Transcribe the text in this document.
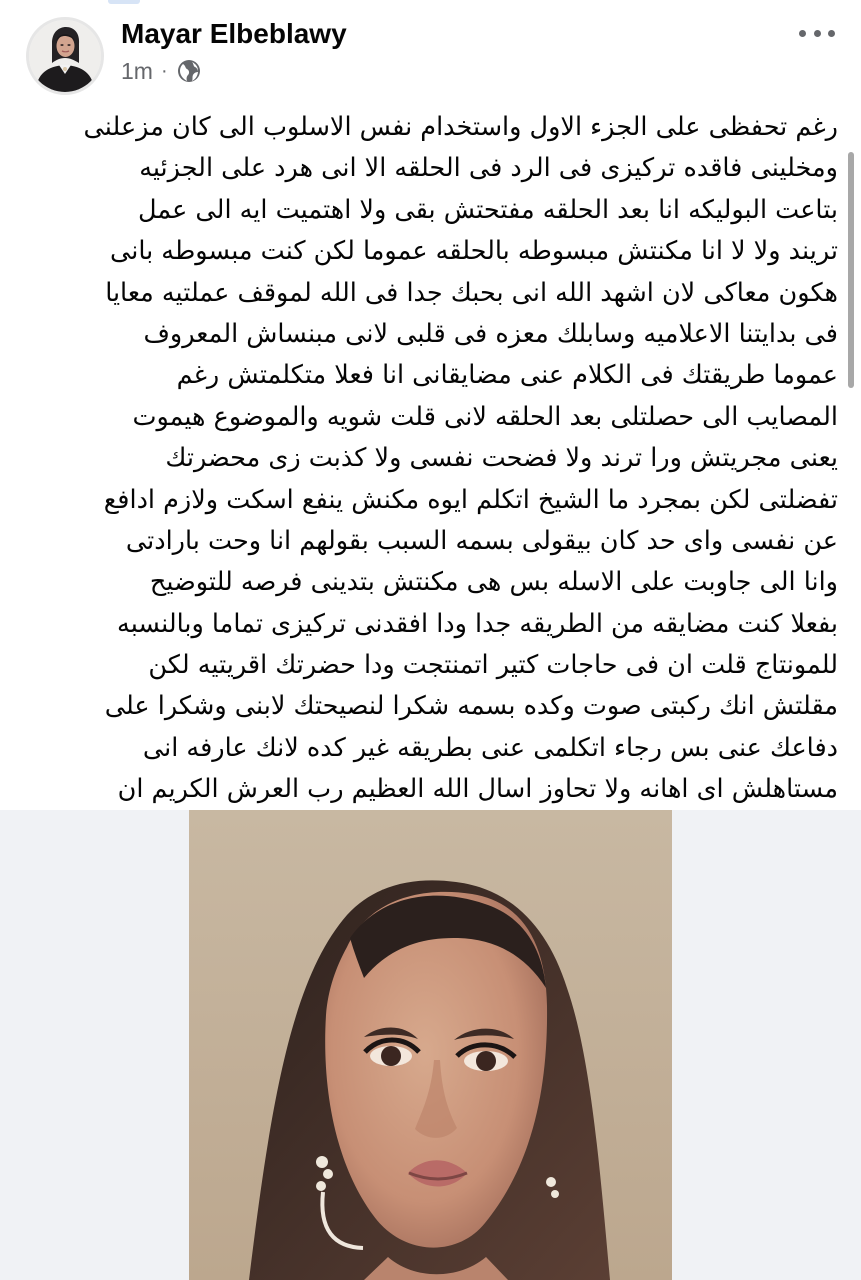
Mayar Elbeblawy
1m ·
رغم تحفظى على الجزء الاول واستخدام نفس الاسلوب الى كان مزعلنى
ومخلينى فاقده تركيزى فى الرد فى الحلقه الا انى هرد على الجزئيه
بتاعت البوليكه انا بعد الحلقه مفتحتش بقى ولا اهتميت ايه الى عمل
تريند ولا لا انا مكنتش مبسوطه بالحلقه عموما لكن كنت مبسوطه بانى
هكون معاكى لان اشهد الله انى بحبك جدا فى الله لموقف عملتيه معايا
فى بدايتنا الاعلاميه وسابلك معزه فى قلبى لانى مبنساش المعروف
عموما طريقتك فى الكلام عنى مضايقانى انا فعلا متكلمتش رغم
المصايب الى حصلتلى بعد الحلقه لانى قلت شويه والموضوع هيموت
يعنى مجريتش ورا ترند ولا فضحت نفسى ولا كذبت زى محضرتك
تفضلتى لكن بمجرد ما الشيخ اتكلم ايوه مكنش ينفع اسكت ولازم ادافع
عن نفسى واى حد كان بيقولى بسمه السبب بقولهم انا وحت بارادتى
وانا الى جاوبت على الاسله بس هى مكنتش بتدينى فرصه للتوضيح
بفعلا كنت مضايقه من الطريقه جدا ودا افقدنى تركيزى تماما وبالنسبه
للمونتاج قلت ان فى حاجات كتير اتمنتجت ودا حضرتك اقريتيه لكن
مقلتش انك ركبتى صوت وكده بسمه شكرا لنصيحتك لابنى وشكرا على
دفاعك عنى بس رجاء اتكلمى عنى بطريقه غير كده لانك عارفه انى
مستاهلش اى اهانه ولا تحاوز اسال الله العظيم رب العرش الكريم ان
